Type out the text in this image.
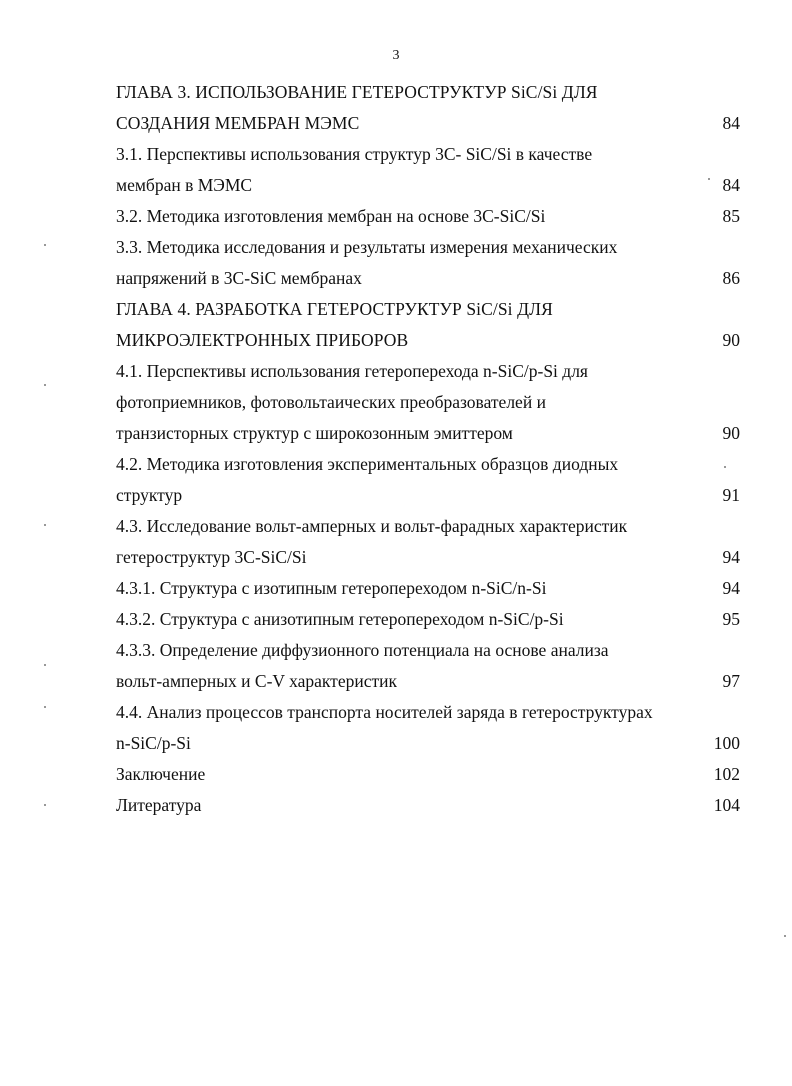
3
ГЛАВА 3. ИСПОЛЬЗОВАНИЕ ГЕТЕРОСТРУКТУР SiC/Si ДЛЯ
СОЗДАНИЯ МЕМБРАН МЭМС	84
3.1. Перспективы использования структур 3C- SiC/Si в качестве
мембран в МЭМС	84
3.2. Методика изготовления мембран на основе 3C-SiC/Si	85
3.3. Методика исследования и результаты измерения механических
напряжений в 3C-SiC мембранах	86
ГЛАВА 4. РАЗРАБОТКА ГЕТЕРОСТРУКТУР SiC/Si ДЛЯ
МИКРОЭЛЕКТРОННЫХ ПРИБОРОВ	90
4.1. Перспективы использования гетероперехода n-SiC/p-Si для
фотоприемников, фотовольтаических преобразователей и
транзисторных структур с широкозонным эмиттером	90
4.2. Методика изготовления экспериментальных образцов диодных
структур	91
4.3. Исследование вольт-амперных и вольт-фарадных характеристик
гетероструктур 3C-SiC/Si	94
4.3.1. Структура с изотипным гетеропереходом n-SiC/n-Si	94
4.3.2. Структура с анизотипным гетеропереходом n-SiC/p-Si	95
4.3.3. Определение диффузионного потенциала на основе анализа
вольт-амперных и C-V характеристик	97
4.4. Анализ процессов транспорта носителей заряда в гетероструктурах
n-SiC/p-Si	100
Заключение	102
Литература	104
